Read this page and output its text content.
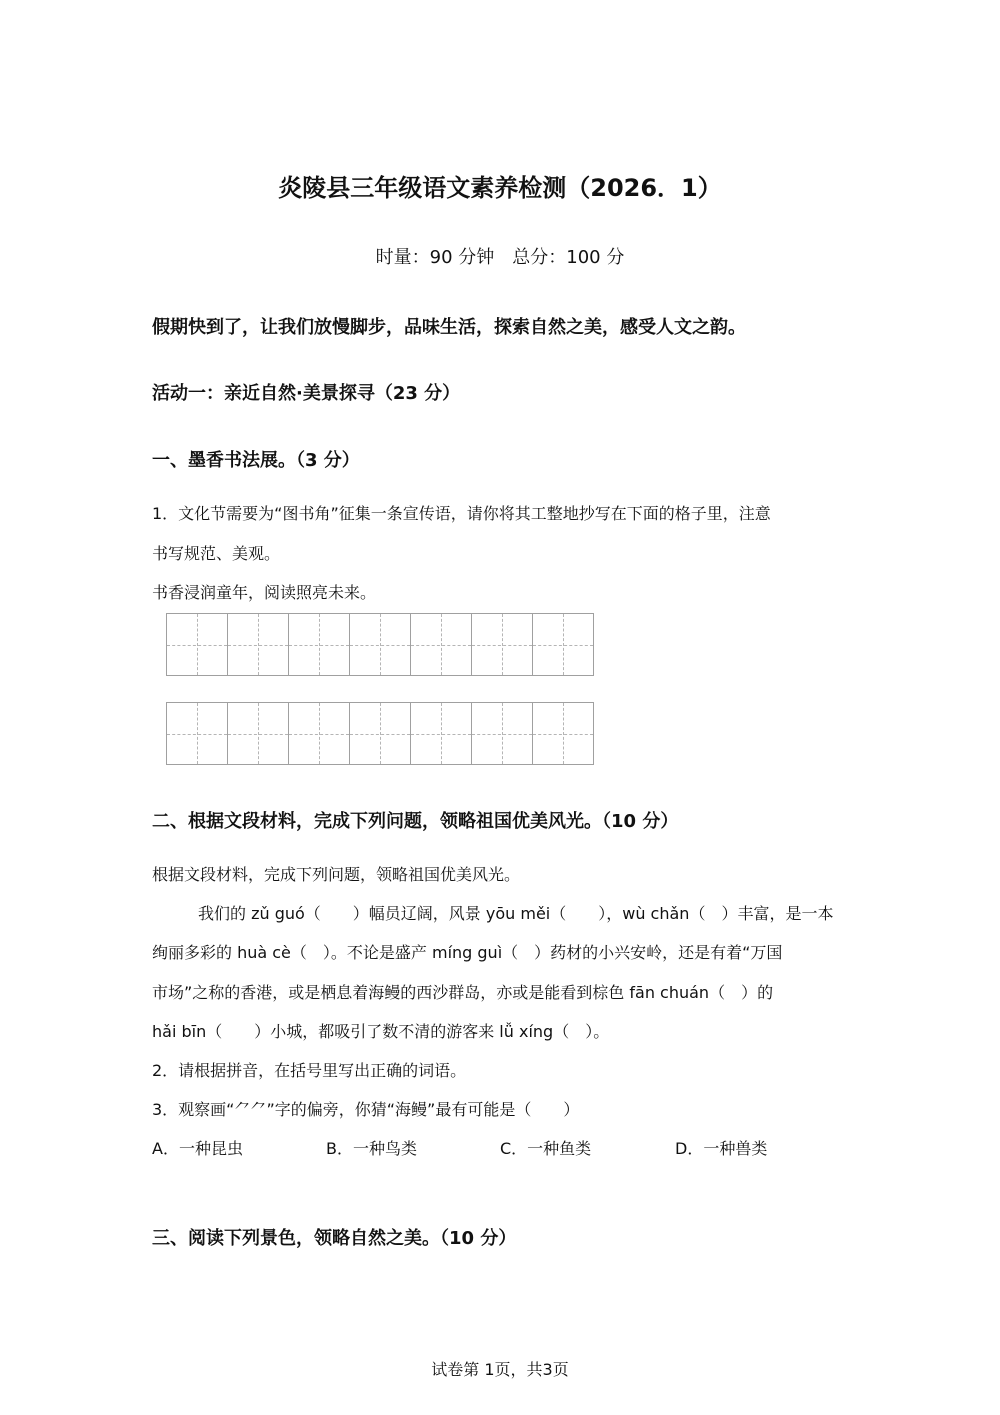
炎陵县三年级语文素养检测（2026．1）
时量：90 分钟　总分：100 分
假期快到了，让我们放慢脚步，品味生活，探索自然之美，感受人文之韵。
活动一：亲近自然·美景探寻（23 分）
一、墨香书法展。（3 分）
1．文化节需要为“图书角”征集一条宣传语，请你将其工整地抄写在下面的格子里，注意
书写规范、美观。
书香浸润童年，阅读照亮未来。
二、根据文段材料，完成下列问题，领略祖国优美风光。（10 分）
根据文段材料，完成下列问题，领略祖国优美风光。
我们的 zǔ guó（　　）幅员辽阔，风景 yōu měi（　　），wù chǎn（　）丰富，是一本
绚丽多彩的 huà cè（　）。不论是盛产 míng guì（　）药材的小兴安岭，还是有着“万国
市场”之称的香港，或是栖息着海鳗的西沙群岛，亦或是能看到棕色 fān chuán（　）的
hǎi bīn（　　）小城，都吸引了数不清的游客来 lǚ xíng（　）。
2．请根据拼音，在括号里写出正确的词语。
3．观察画“⺈⺈”字的偏旁，你猜“海鳗”最有可能是（　　）
A．一种昆虫	B．一种鸟类	C．一种鱼类	D．一种兽类
三、阅读下列景色，领略自然之美。（10 分）
试卷第 1页，共3页
